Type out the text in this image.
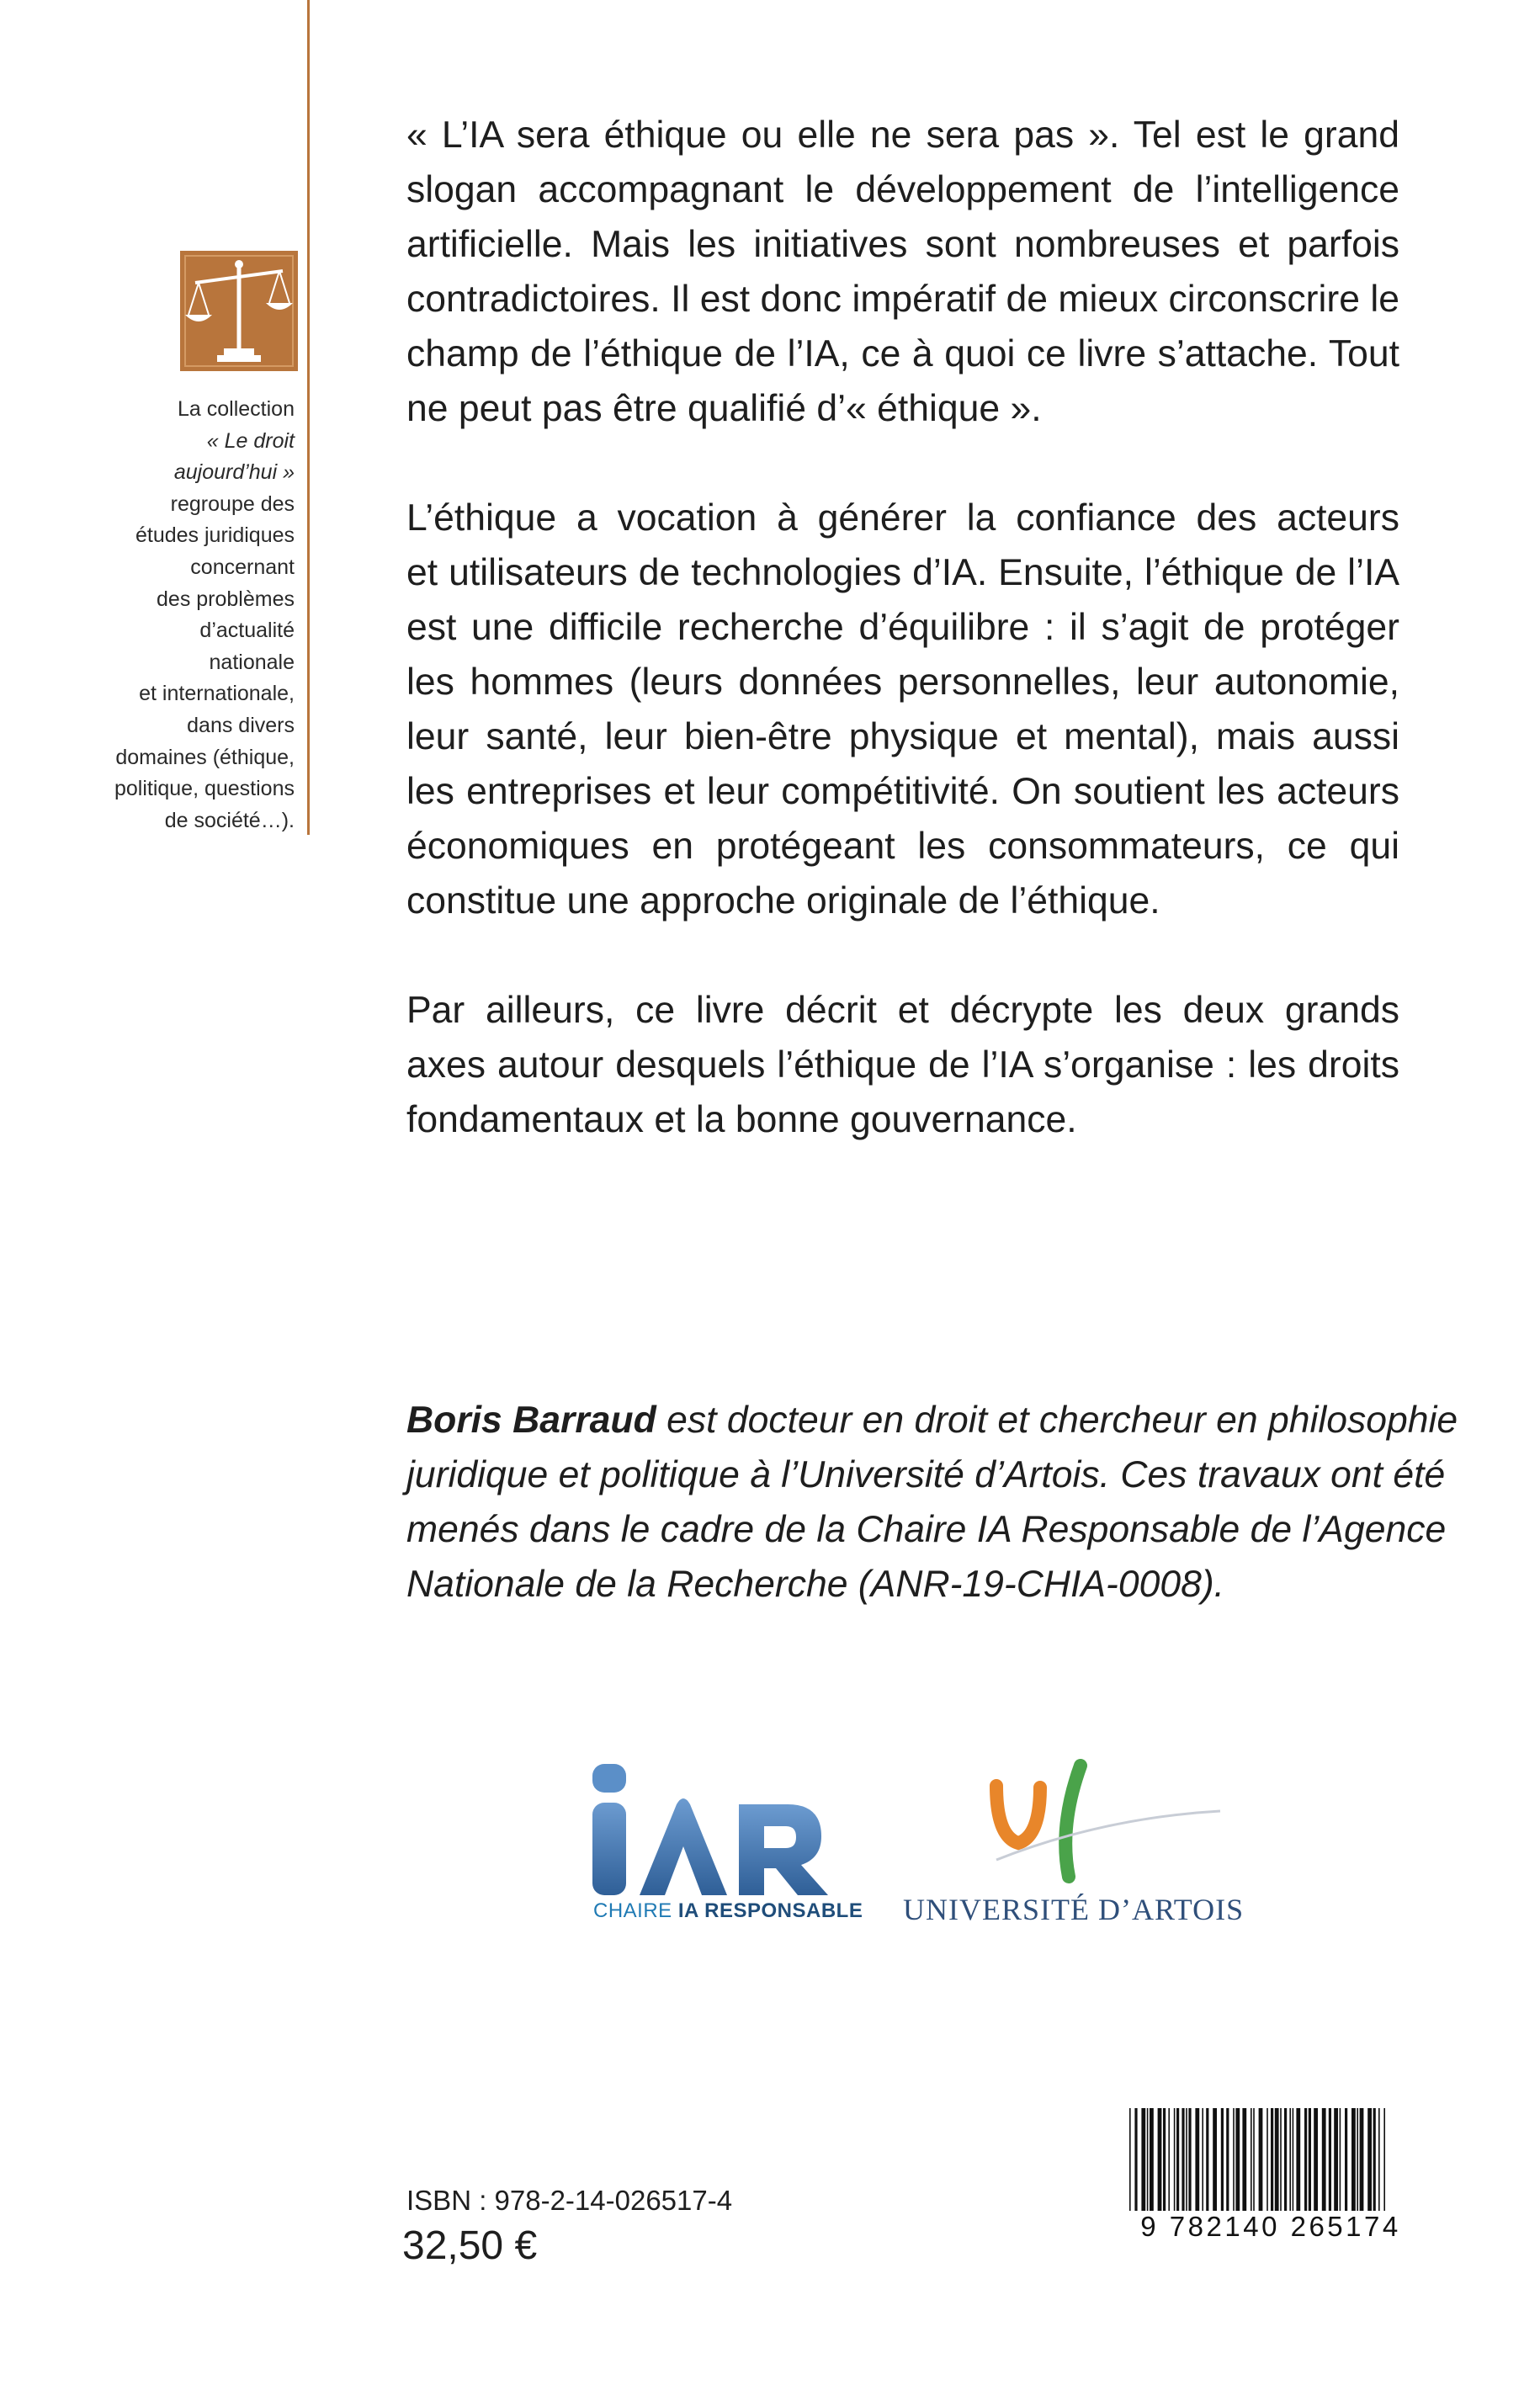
La collection
« Le droit
aujourd’hui »
regroupe des
études juridiques
concernant
des problèmes
d’actualité
nationale
et internationale,
dans divers
domaines (éthique,
politique, questions
de société…).

« L’IA sera éthique ou elle ne sera pas ». Tel est le grand
slogan accompagnant le développement de l’intelligence
artificielle. Mais les initiatives sont nombreuses et parfois
contradictoires. Il est donc impératif de mieux circonscrire le
champ de l’éthique de l’IA, ce à quoi ce livre s’attache. Tout
ne peut pas être qualifié d’« éthique ».

L’éthique a vocation à générer la confiance des acteurs
et utilisateurs de technologies d’IA. Ensuite, l’éthique de l’IA
est une difficile recherche d’équilibre : il s’agit de protéger
les hommes (leurs données personnelles, leur autonomie,
leur santé, leur bien-être physique et mental), mais aussi
les entreprises et leur compétitivité. On soutient les acteurs
économiques en protégeant les consommateurs, ce qui
constitue une approche originale de l’éthique.

Par ailleurs, ce livre décrit et décrypte les deux grands
axes autour desquels l’éthique de l’IA s’organise : les droits
fondamentaux et la bonne gouvernance.

Boris Barraud est docteur en droit et chercheur en philosophie
juridique et politique à l’Université d’Artois. Ces travaux ont été
menés dans le cadre de la Chaire IA Responsable de l’Agence
Nationale de la Recherche (ANR-19-CHIA-0008).
CHAIRE IA RESPONSABLE UNIVERSITÉ D’ARTOIS
ISBN : 978-2-14-026517-4
32,50 €	9 782140 265174
